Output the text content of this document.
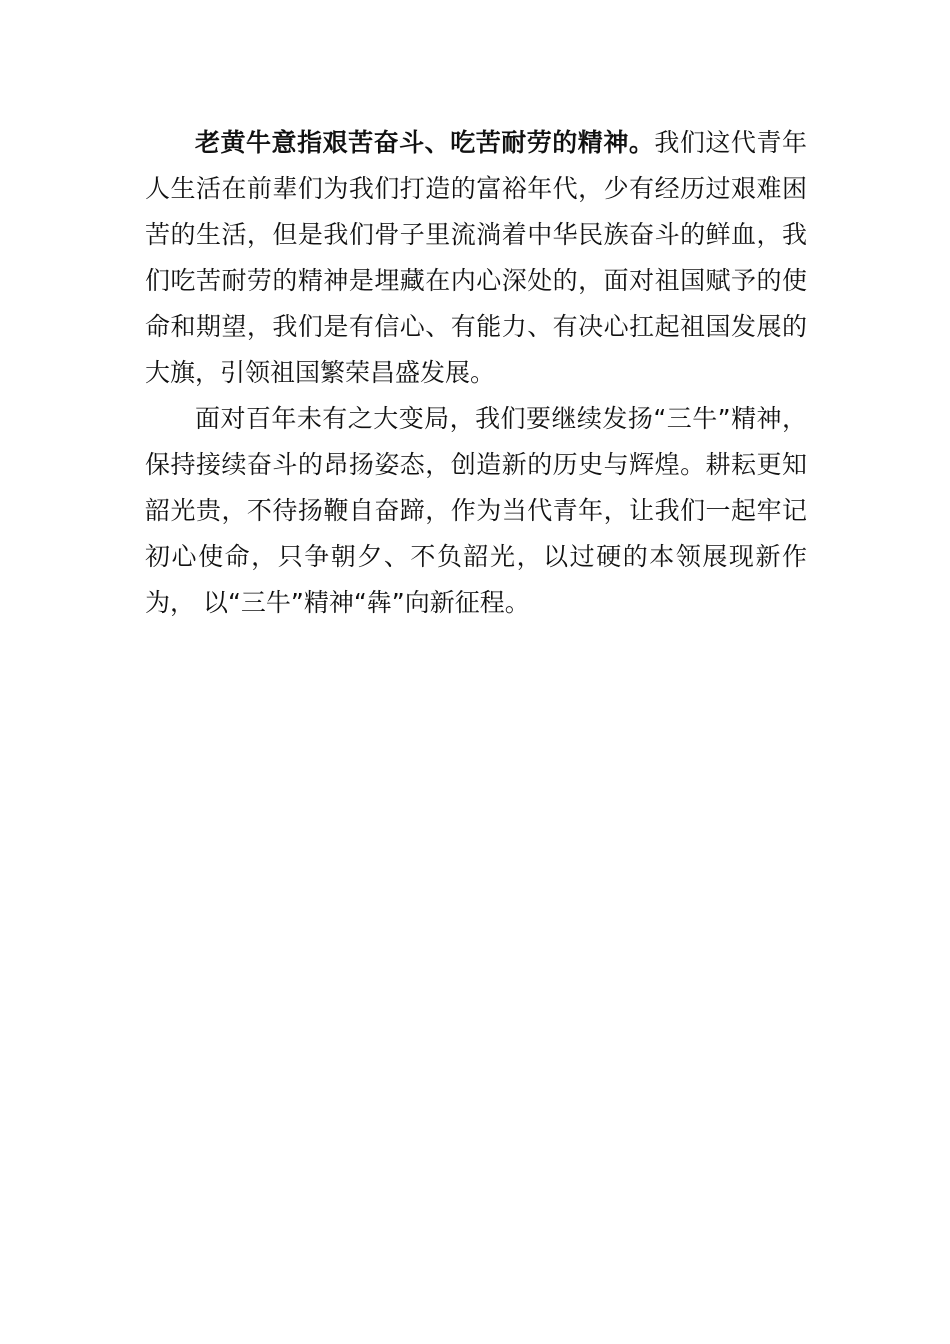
老黄牛意指艰苦奋斗、吃苦耐劳的精神。我们这代青年人生活在前辈们为我们打造的富裕年代，少有经历过艰难困苦的生活，但是我们骨子里流淌着中华民族奋斗的鲜血，我们吃苦耐劳的精神是埋藏在内心深处的，面对祖国赋予的使命和期望，我们是有信心、有能力、有决心扛起祖国发展的大旗，引领祖国繁荣昌盛发展。

面对百年未有之大变局，我们要继续发扬“三牛”精神， 保持接续奋斗的昂扬姿态，创造新的历史与辉煌。耕耘更知韶光贵，不待扬鞭自奋蹄，作为当代青年，让我们一起牢记初心使命，只争朝夕、不负韶光，以过硬的本领展现新作为， 以“三牛”精神“犇”向新征程。
